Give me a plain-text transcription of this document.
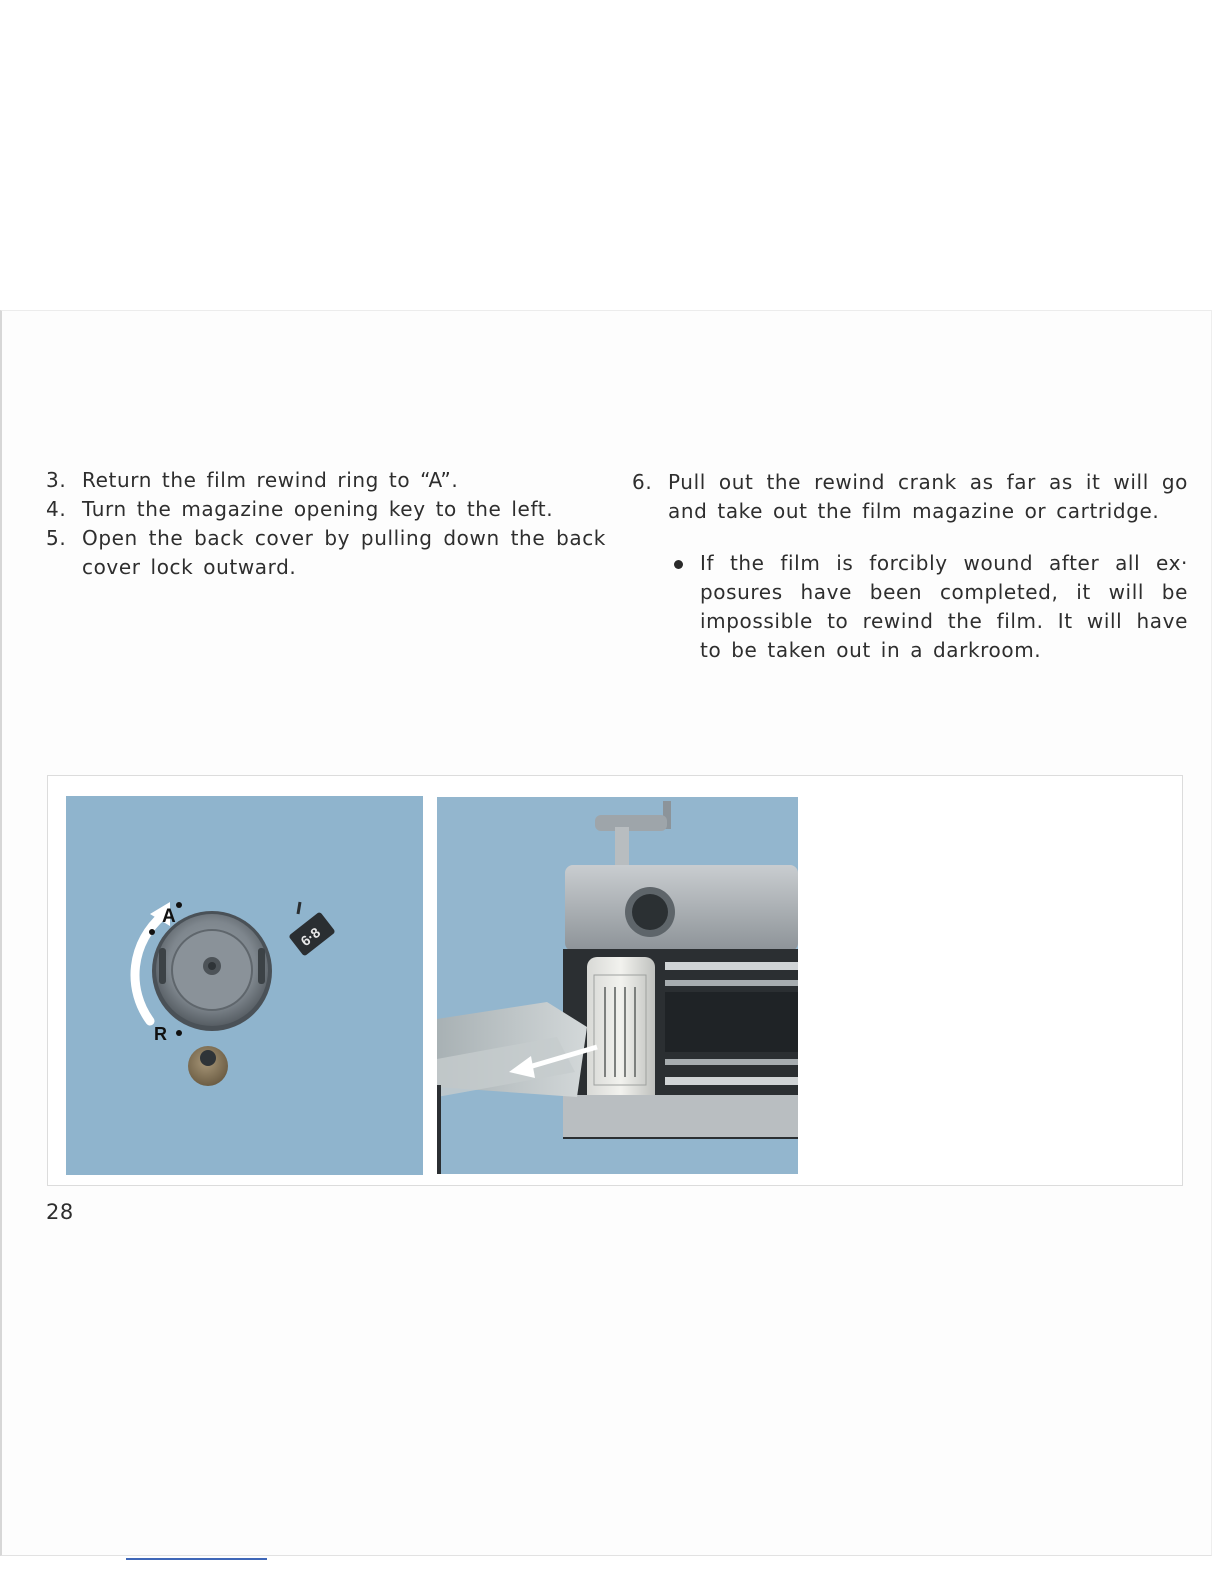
3. Return the film rewind ring to “A”.
4. Turn the magazine opening key to the left.
5. Open the back cover by pulling down the back cover lock outward.
6. Pull out the rewind crank as far as it will go and take out the film magazine or cartridge.
If the film is forcibly wound after all ex· posures have been completed, it will be impossible to rewind the film. It will have to be taken out in a darkroom.
A
R
6·8
28
